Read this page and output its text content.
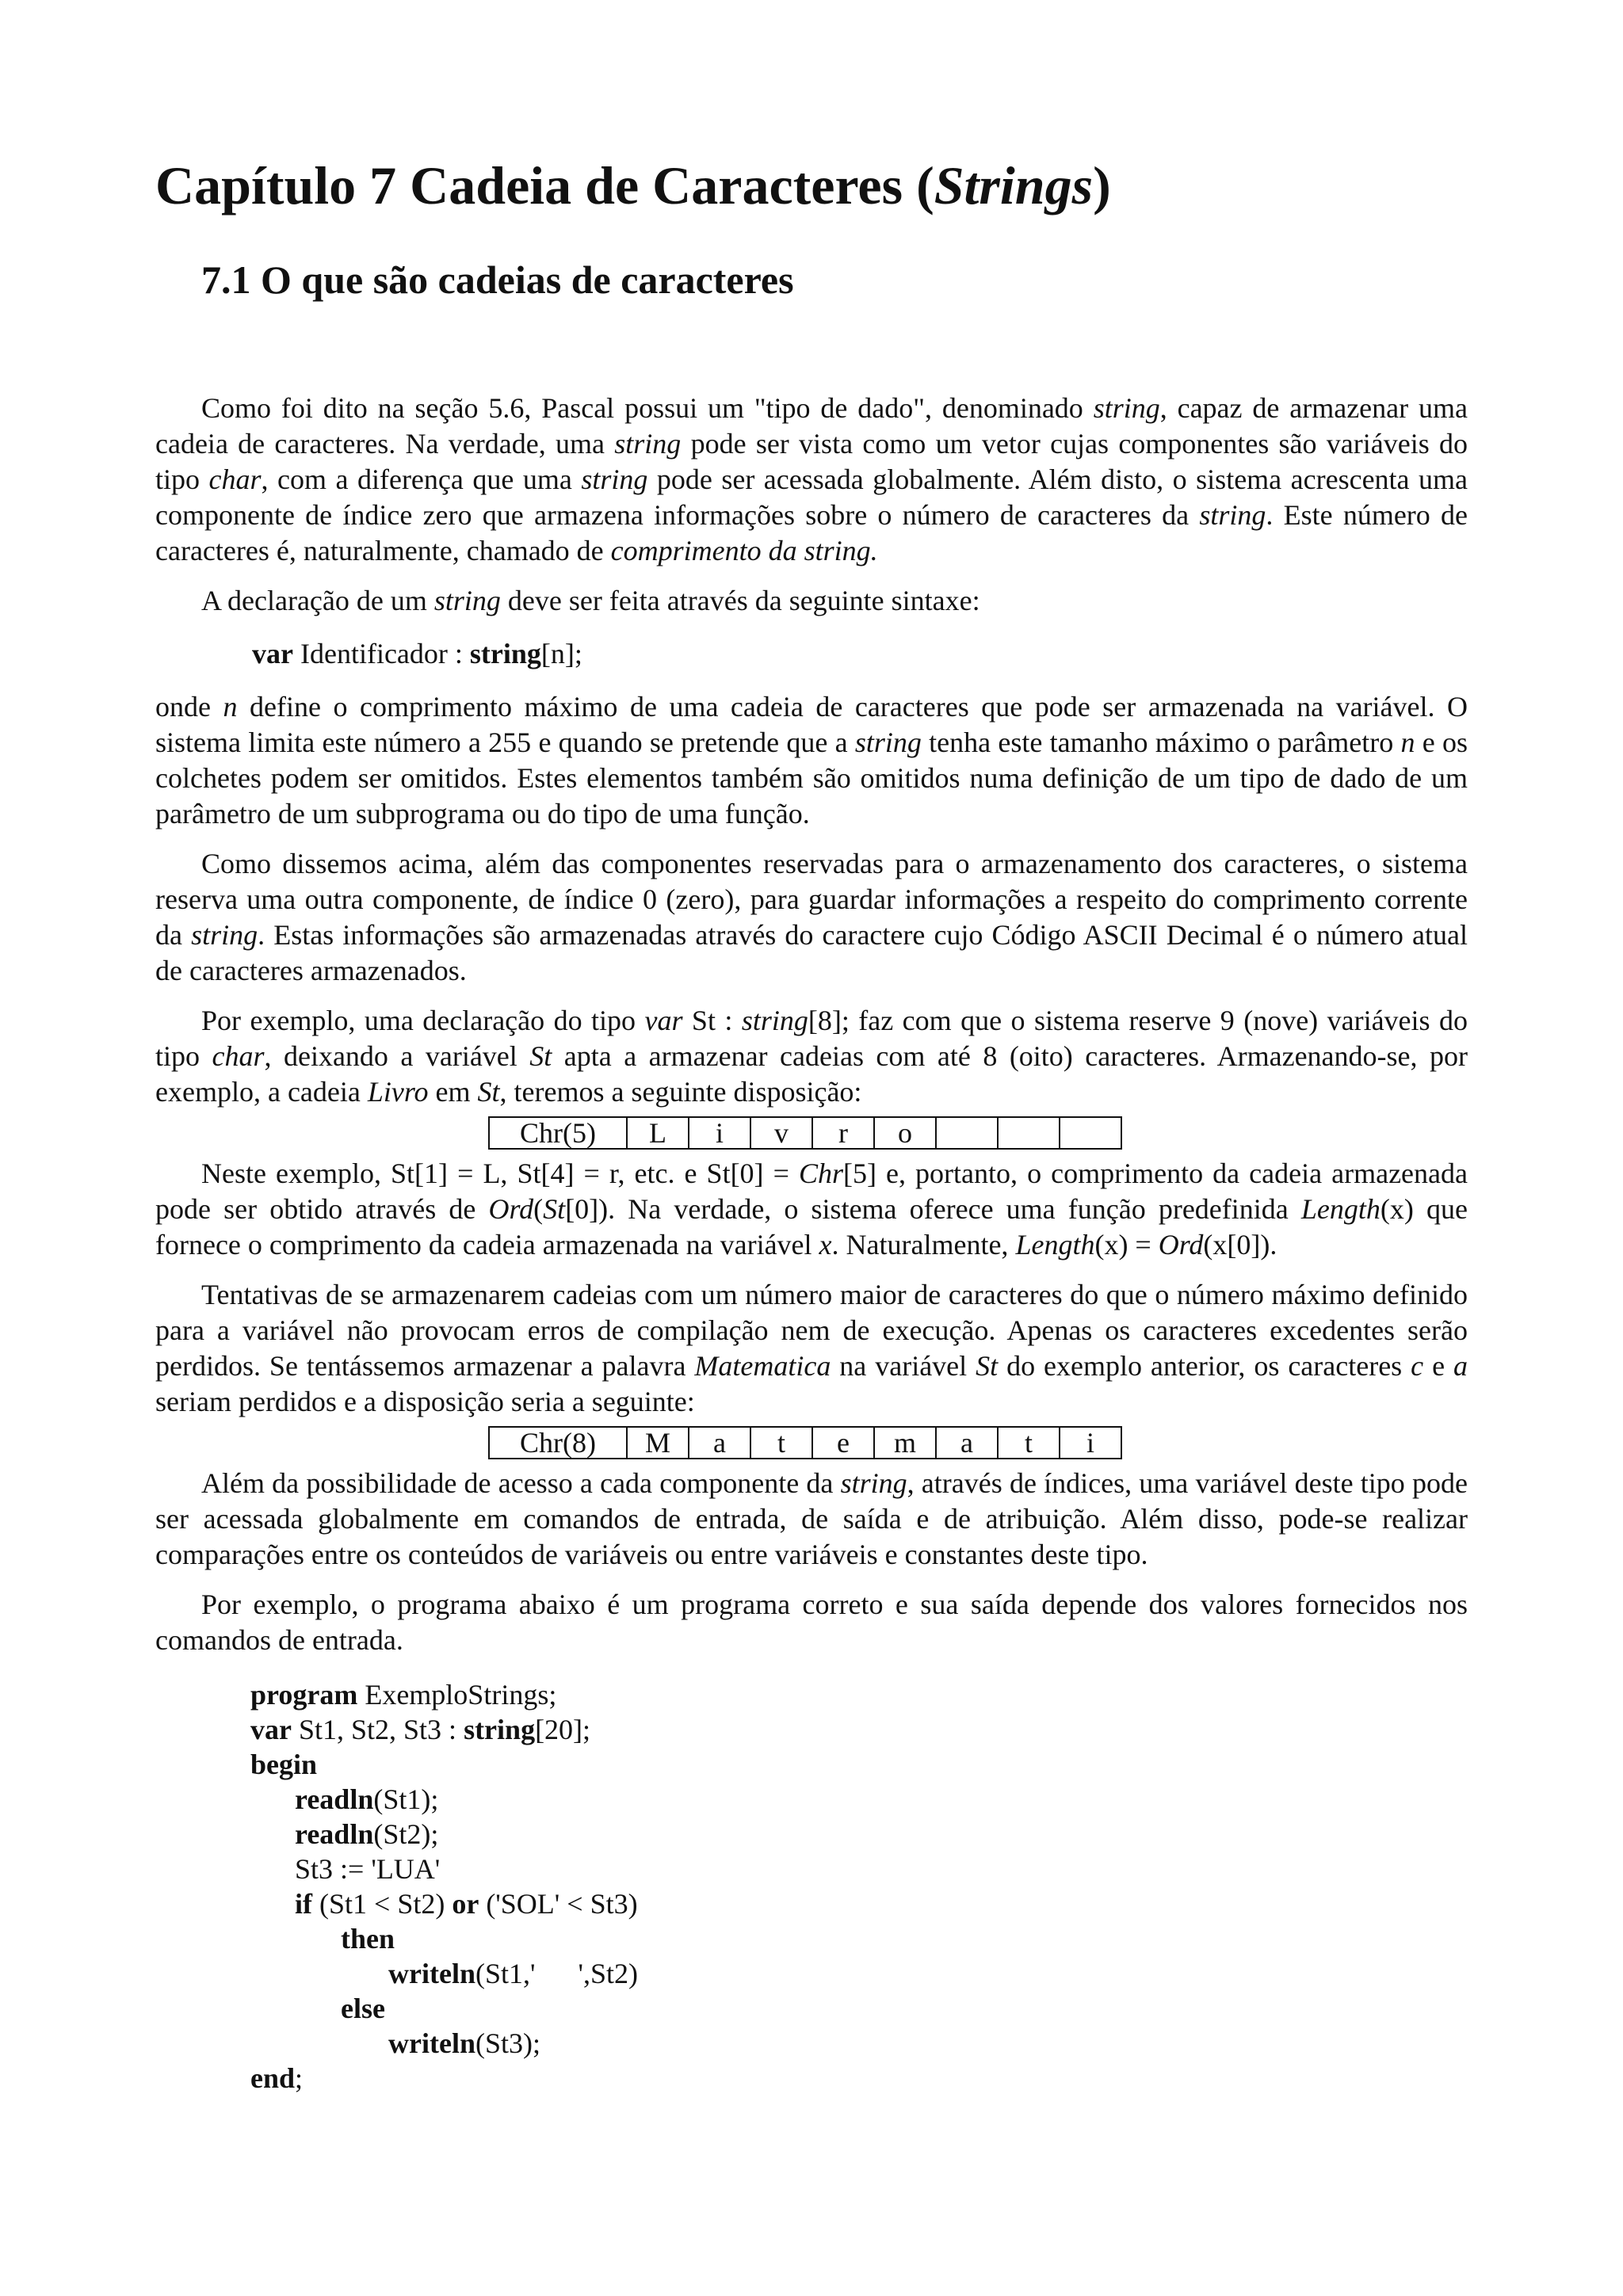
Capítulo 7 Cadeia de Caracteres (Strings)
7.1 O que são cadeias de caracteres

Como foi dito na seção 5.6, Pascal possui um "tipo de dado", denominado string, capaz de armazenar uma cadeia de caracteres. Na verdade, uma string pode ser vista como um vetor cujas componentes são variáveis do tipo char, com a diferença que uma string pode ser acessada globalmente. Além disto, o sistema acrescenta uma componente de índice zero que armazena informações sobre o número de caracteres da string. Este número de caracteres é, naturalmente, chamado de comprimento da string.

A declaração de um string deve ser feita através da seguinte sintaxe:

var Identificador : string[n];

onde n define o comprimento máximo de uma cadeia de caracteres que pode ser armazenada na variável. O sistema limita este número a 255 e quando se pretende que a string tenha este tamanho máximo o parâmetro n e os colchetes podem ser omitidos. Estes elementos também são omitidos numa definição de um tipo de dado de um parâmetro de um subprograma ou do tipo de uma função.

Como dissemos acima, além das componentes reservadas para o armazenamento dos caracteres, o sistema reserva uma outra componente, de índice 0 (zero), para guardar informações a respeito do comprimento corrente da string. Estas informações são armazenadas através do caractere cujo Código ASCII Decimal é o número atual de caracteres armazenados.

Por exemplo, uma declaração do tipo var St : string[8]; faz com que o sistema reserve 9 (nove) variáveis do tipo char, deixando a variável St apta a armazenar cadeias com até 8 (oito) caracteres. Armazenando-se, por exemplo, a cadeia Livro em St, teremos a seguinte disposição:

Chr(5)	L	i	v	r	o			

Neste exemplo, St[1] = L, St[4] = r, etc. e St[0] = Chr[5] e, portanto, o comprimento da cadeia armazenada pode ser obtido através de Ord(St[0]). Na verdade, o sistema oferece uma função predefinida Length(x) que fornece o comprimento da cadeia armazenada na variável x. Naturalmente, Length(x) = Ord(x[0]).

Tentativas de se armazenarem cadeias com um número maior de caracteres do que o número máximo definido para a variável não provocam erros de compilação nem de execução. Apenas os caracteres excedentes serão perdidos. Se tentássemos armazenar a palavra Matematica na variável St do exemplo anterior, os caracteres c e a seriam perdidos e a disposição seria a seguinte:

Chr(8)	M	a	t	e	m	a	t	i

Além da possibilidade de acesso a cada componente da string, através de índices, uma variável deste tipo pode ser acessada globalmente em comandos de entrada, de saída e de atribuição. Além disso, pode-se realizar comparações entre os conteúdos de variáveis ou entre variáveis e constantes deste tipo.

Por exemplo, o programa abaixo é um programa correto e sua saída depende dos valores fornecidos nos comandos de entrada.

program ExemploStrings;
var St1, St2, St3 : string[20];
begin
readln(St1);
readln(St2);
St3 := 'LUA'
if (St1 < St2) or ('SOL' < St3)
then
writeln(St1,'      ',St2)
else
writeln(St3);
end;
